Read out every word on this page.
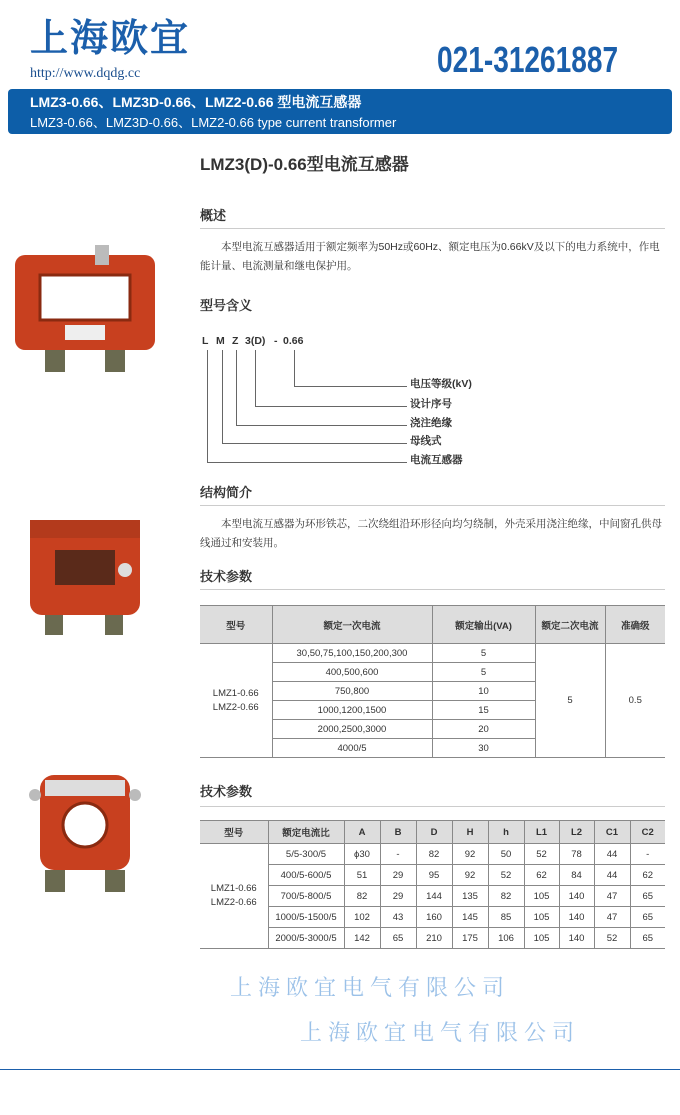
上海欧宜
http://www.dqdg.cc	021-31261887
LMZ3-0.66、LMZ3D-0.66、LMZ2-0.66 型电流互感器
LMZ3-0.66、LMZ3D-0.66、LMZ2-0.66 type current transformer
LMZ3(D)-0.66型电流互感器
概述
本型电流互感器适用于额定频率为50Hz或60Hz、额定电压为0.66kV及以下的电力系统中，作电能计量、电流测量和继电保护用。
型号含义
L M Z 3(D) - 0.66
电压等级(kV)
设计序号
浇注绝缘
母线式
电流互感器
结构简介
本型电流互感器为环形铁芯，二次绕组沿环形径向均匀绕制，外壳采用浇注绝缘，中间窗孔供母线通过和安装用。
技术参数
型号	额定一次电流	额定输出(VA)	额定二次电流	准确级
LMZ1-0.66
LMZ2-0.66	30,50,75,100,150,200,300	5	5	0.5
	400,500,600	5		
	750,800	10		
	1000,1200,1500	15		
	2000,2500,3000	20		
	4000/5	30		
技术参数
型号	额定电流比	A	B	D	H	h	L1	L2	C1	C2
LMZ1-0.66
LMZ2-0.66	5/5-300/5	ϕ30	-	82	92	50	52	78	44	-
	400/5-600/5	51	29	95	92	52	62	84	44	62
	700/5-800/5	82	29	144	135	82	105	140	47	65
	1000/5-1500/5	102	43	160	145	85	105	140	47	65
	2000/5-3000/5	142	65	210	175	106	105	140	52	65
上海欧宜电气有限公司
上海欧宜电气有限公司
